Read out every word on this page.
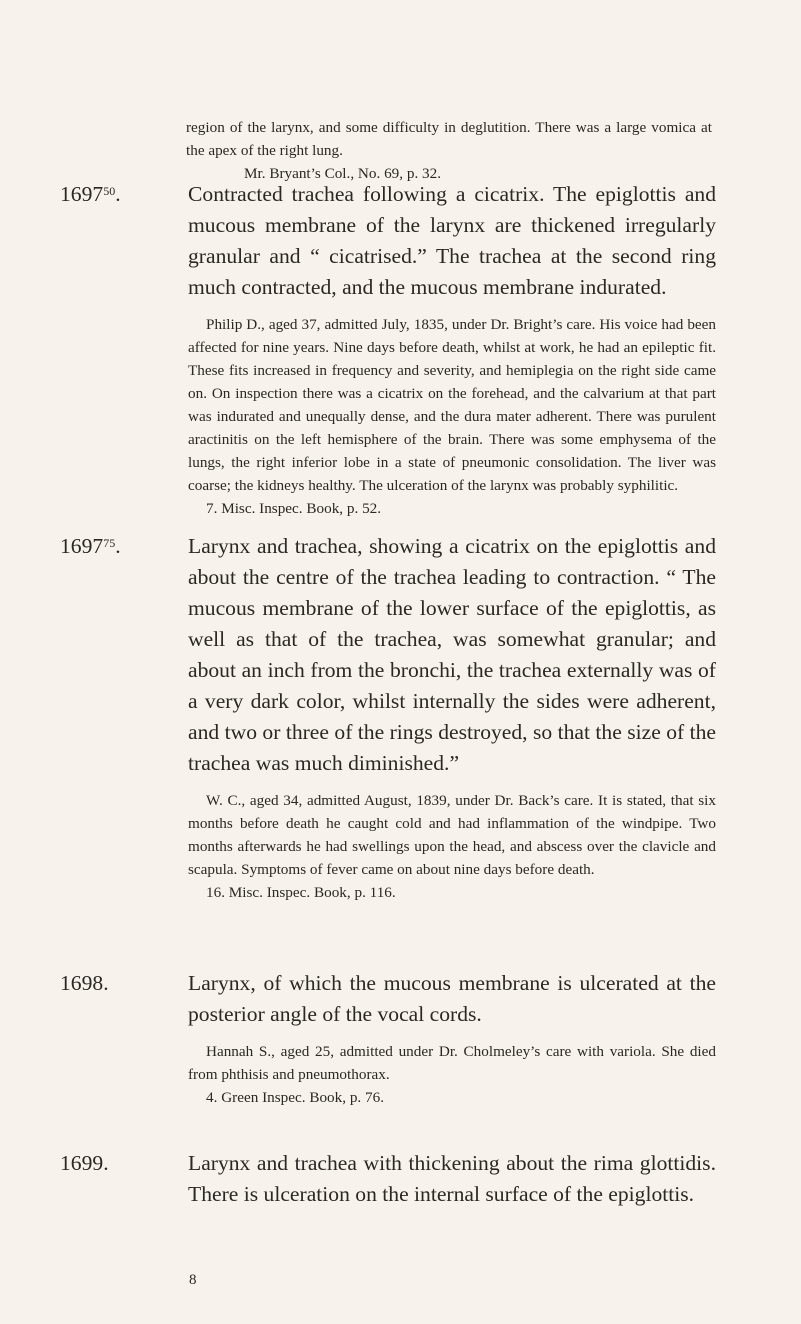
region of the larynx, and some difficulty in deglutition. There was a large vomica at the apex of the right lung.

Mr. Bryant’s Col., No. 69, p. 32.

1697$^{50}$.	Contracted trachea following a cicatrix. The epiglottis and mucous membrane of the larynx are thickened irregularly granular and “ cicatrised.” The trachea at the second ring much contracted, and the mucous membrane indurated.

Philip D., aged 37, admitted July, 1835, under Dr. Bright’s care. His voice had been affected for nine years. Nine days before death, whilst at work, he had an epileptic fit. These fits increased in frequency and severity, and hemiplegia on the right side came on. On inspection there was a cicatrix on the forehead, and the calvarium at that part was indurated and unequally dense, and the dura mater adherent. There was purulent aractinitis on the left hemisphere of the brain. There was some emphysema of the lungs, the right inferior lobe in a state of pneumonic consolidation. The liver was coarse; the kidneys healthy. The ulceration of the larynx was probably syphilitic.

7. Misc. Inspec. Book, p. 52.

1697$^{75}$.	Larynx and trachea, showing a cicatrix on the epiglottis and about the centre of the trachea leading to contraction. “ The mucous membrane of the lower surface of the epiglottis, as well as that of the trachea, was somewhat granular; and about an inch from the bronchi, the trachea externally was of a very dark color, whilst internally the sides were adherent, and two or three of the rings destroyed, so that the size of the trachea was much diminished.”

W. C., aged 34, admitted August, 1839, under Dr. Back’s care. It is stated, that six months before death he caught cold and had inflammation of the windpipe. Two months afterwards he had swellings upon the head, and abscess over the clavicle and scapula. Symptoms of fever came on about nine days before death.

16. Misc. Inspec. Book, p. 116.

1698.	Larynx, of which the mucous membrane is ulcerated at the posterior angle of the vocal cords.

Hannah S., aged 25, admitted under Dr. Cholmeley’s care with variola. She died from phthisis and pneumothorax.

4. Green Inspec. Book, p. 76.

1699.	Larynx and trachea with thickening about the rima glottidis. There is ulceration on the internal surface of the epiglottis.

8
